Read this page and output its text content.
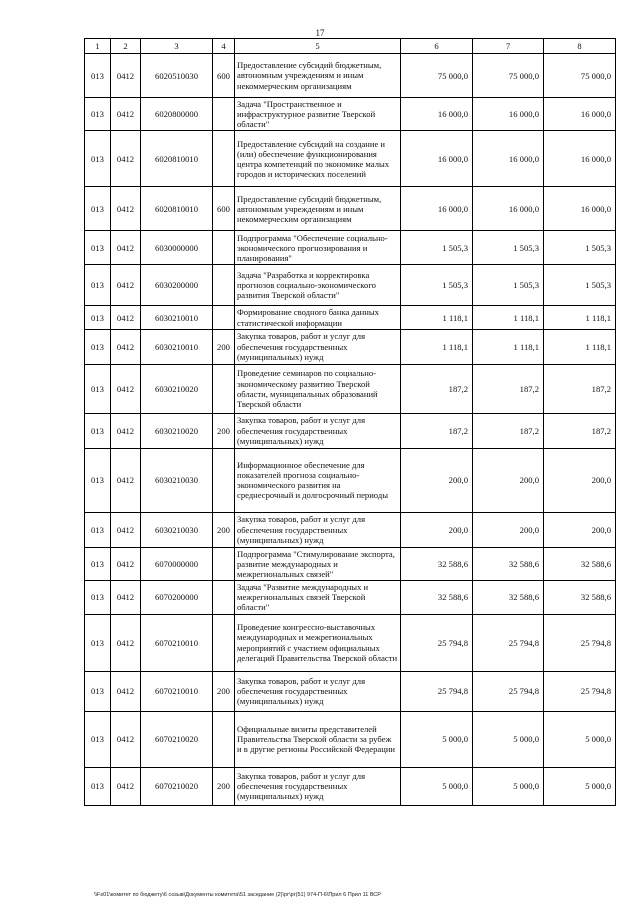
17
1	2	3	4	5	6	7	8
013	0412	6020510030	600	Предоставление субсидий бюджетным, автономным учреждениям и иным некоммерческим организациям	75 000,0	75 000,0	75 000,0
013	0412	6020800000		Задача "Пространственное и инфраструктурное развитие Тверской области"	16 000,0	16 000,0	16 000,0
013	0412	6020810010		Предоставление субсидий на создание и (или) обеспечение функционирования центра компетенций по экономике малых городов и исторических поселений	16 000,0	16 000,0	16 000,0
013	0412	6020810010	600	Предоставление субсидий бюджетным, автономным учреждениям и иным некоммерческим организациям	16 000,0	16 000,0	16 000,0
013	0412	6030000000		Подпрограмма "Обеспечение социально-экономического прогнозирования и планирования"	1 505,3	1 505,3	1 505,3
013	0412	6030200000		Задача "Разработка и корректировка прогнозов социально-экономического развития Тверской области"	1 505,3	1 505,3	1 505,3
013	0412	6030210010		Формирование сводного банка данных статистической информации	1 118,1	1 118,1	1 118,1
013	0412	6030210010	200	Закупка товаров, работ и услуг для обеспечения государственных (муниципальных) нужд	1 118,1	1 118,1	1 118,1
013	0412	6030210020		Проведение семинаров по социально-экономическому развитию Тверской области, муниципальных образований Тверской области	187,2	187,2	187,2
013	0412	6030210020	200	Закупка товаров, работ и услуг для обеспечения государственных (муниципальных) нужд	187,2	187,2	187,2
013	0412	6030210030		Информационное обеспечение для показателей прогноза социально-экономического развития на среднесрочный и долгосрочный периоды	200,0	200,0	200,0
013	0412	6030210030	200	Закупка товаров, работ и услуг для обеспечения государственных (муниципальных) нужд	200,0	200,0	200,0
013	0412	6070000000		Подпрограмма "Стимулирование экспорта, развитие международных и межрегиональных связей"	32 588,6	32 588,6	32 588,6
013	0412	6070200000		Задача "Развитие международных и межрегиональных связей Тверской области"	32 588,6	32 588,6	32 588,6
013	0412	6070210010		Проведение конгрессно-выставочных международных и межрегиональных мероприятий с участием официальных делегаций Правительства Тверской области	25 794,8	25 794,8	25 794,8
013	0412	6070210010	200	Закупка товаров, работ и услуг для обеспечения государственных (муниципальных) нужд	25 794,8	25 794,8	25 794,8
013	0412	6070210020		Официальные визиты представителей Правительства Тверской области за рубеж и в другие регионы Российской Федерации	5 000,0	5 000,0	5 000,0
013	0412	6070210020	200	Закупка товаров, работ и услуг для обеспечения государственных (муниципальных) нужд	5 000,0	5 000,0	5 000,0
\\Fs01\комитет по бюджету\6 созыв\Документы комитета\51 заседание (2)\рг\рг(51) 974-П-6\Прил 6 Прил 11 ВСР
